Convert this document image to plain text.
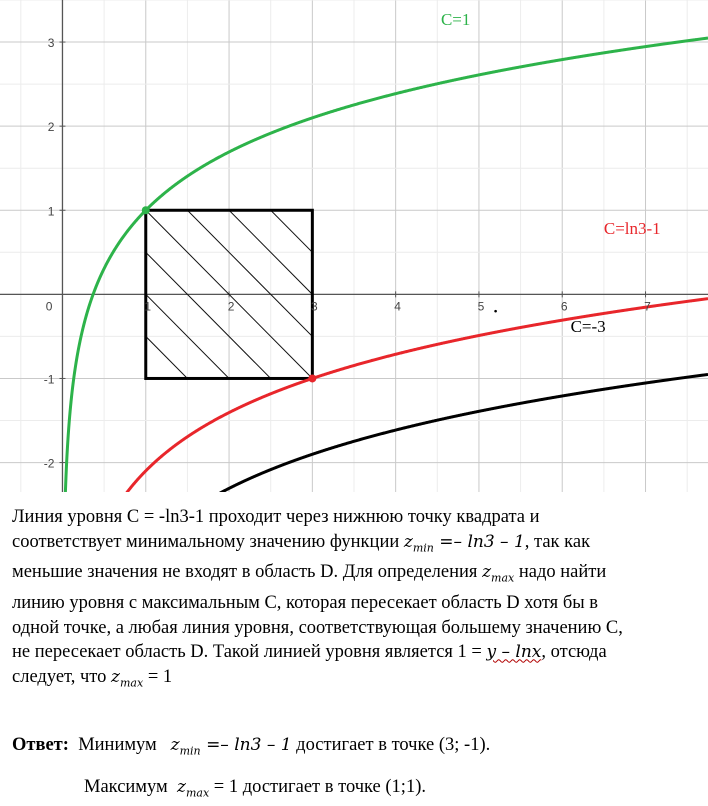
1	2	3	4	5	6	7
3
2
1
-1
-2
0
C=1
C=ln3-1
C=-3

Линия уровня C = -ln3-1 проходит через нижнюю точку квадрата и

соответствует минимальному значению функции $z_{min} =- \ln 3 - 1$, так как

меньшие значения не входят в область D. Для определения $z_{max}$ надо найти

линию уровня с максимальным C, которая пересекает область D хотя бы в

одной точке, а любая линия уровня, соответствующая большему значению C,

не пересекает область D. Такой линией уровня является 1 = y – lnx, отсюда

следует, что $z_{max} = 1$

Ответ: Минимум $z_{min} =- \ln 3 - 1$ достигает в точке (3; -1).
Максимум $z_{max} = 1$ достигает в точке (1;1).
